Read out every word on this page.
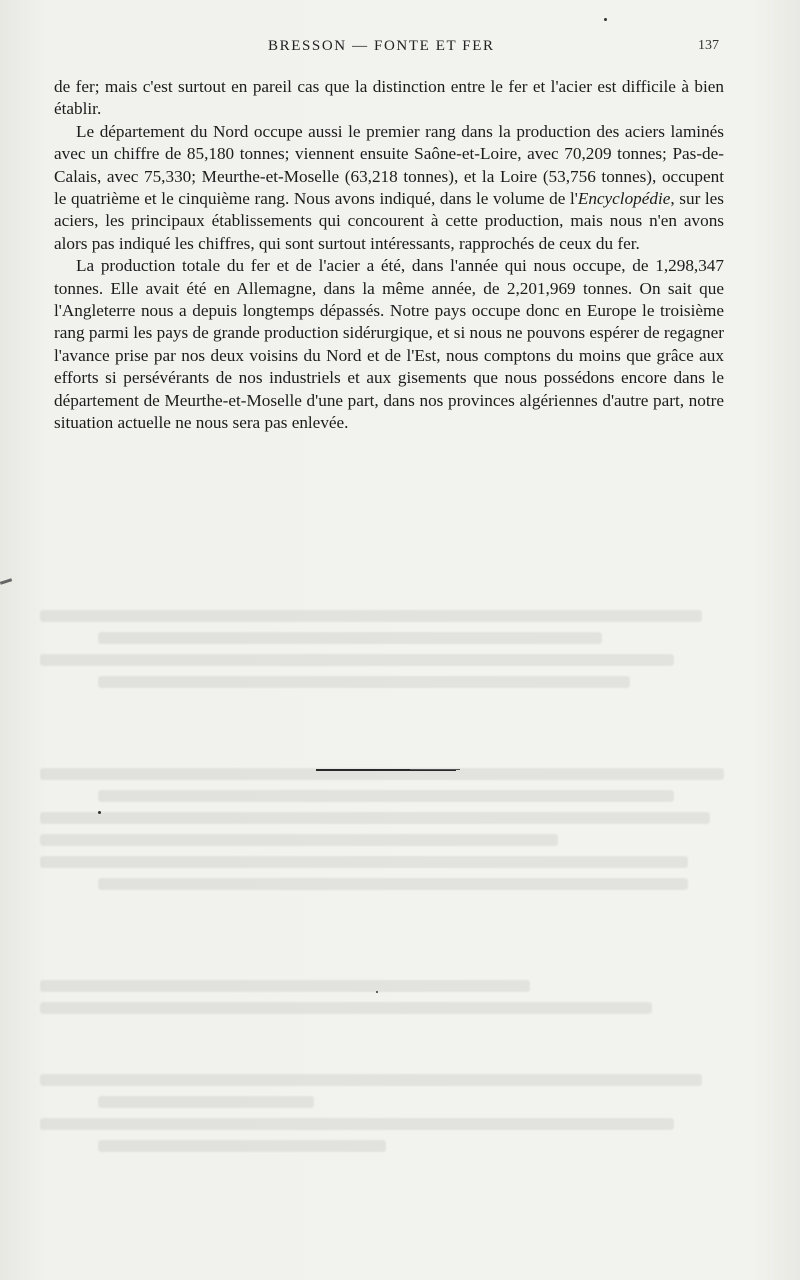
BRESSON — FONTE ET FER	137

de fer; mais c'est surtout en pareil cas que la distinction entre le fer et l'acier est difficile à bien établir.

Le département du Nord occupe aussi le premier rang dans la production des aciers laminés avec un chiffre de 85,180 tonnes; viennent ensuite Saône-et-Loire, avec 70,209 tonnes; Pas-de-Calais, avec 75,330; Meurthe-et-Moselle (63,218 tonnes), et la Loire (53,756 tonnes), occupent le quatrième et le cinquième rang. Nous avons indiqué, dans le volume de l'Encyclopédie, sur les aciers, les principaux établissements qui concourent à cette production, mais nous n'en avons alors pas indiqué les chiffres, qui sont surtout intéressants, rapprochés de ceux du fer.

La production totale du fer et de l'acier a été, dans l'année qui nous occupe, de 1,298,347 tonnes. Elle avait été en Allemagne, dans la même année, de 2,201,969 tonnes. On sait que l'Angleterre nous a depuis longtemps dépassés. Notre pays occupe donc en Europe le troisième rang parmi les pays de grande production sidérurgique, et si nous ne pouvons espérer de regagner l'avance prise par nos deux voisins du Nord et de l'Est, nous comptons du moins que grâce aux efforts si persévérants de nos industriels et aux gisements que nous possédons encore dans le département de Meurthe-et-Moselle d'une part, dans nos provinces algériennes d'autre part, notre situation actuelle ne nous sera pas enlevée.
